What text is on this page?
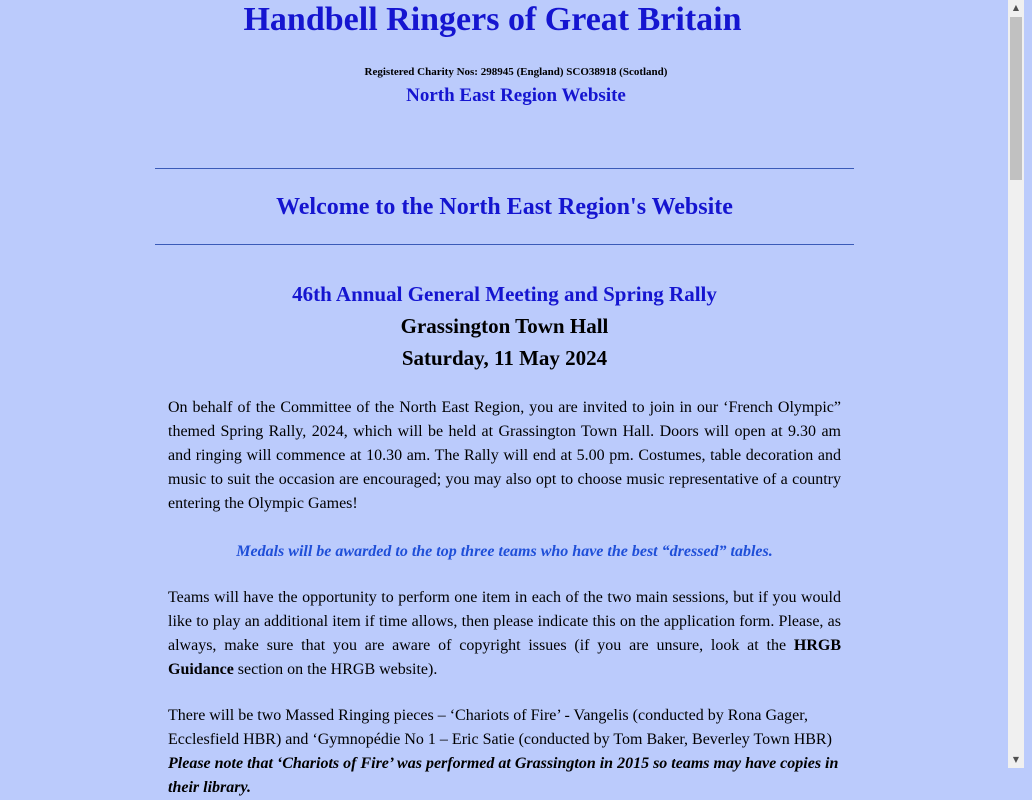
Handbell Ringers of Great Britain
Registered Charity Nos: 298945 (England) SCO38918 (Scotland)
North East Region Website
Welcome to the North East Region's Website
46th Annual General Meeting and Spring Rally
Grassington Town Hall
Saturday, 11 May 2024

On behalf of the Committee of the North East Region, you are invited to join in our ‘French Olympic” themed Spring Rally, 2024, which will be held at Grassington Town Hall. Doors will open at 9.30 am and ringing will commence at 10.30 am. The Rally will end at 5.00 pm. Costumes, table decoration and music to suit the occasion are encouraged; you may also opt to choose music representative of a country entering the Olympic Games!

Medals will be awarded to the top three teams who have the best “dressed” tables.

Teams will have the opportunity to perform one item in each of the two main sessions, but if you would like to play an additional item if time allows, then please indicate this on the application form. Please, as always, make sure that you are aware of copyright issues (if you are unsure, look at the HRGB Guidance section on the HRGB website).

There will be two Massed Ringing pieces – ‘Chariots of Fire’ - Vangelis (conducted by Rona Gager, Ecclesfield HBR) and ‘Gymnopédie No 1 – Eric Satie (conducted by Tom Baker, Beverley Town HBR)
Please note that ‘Chariots of Fire’ was performed at Grassington in 2015 so teams may have copies in their library.

▲
▼
